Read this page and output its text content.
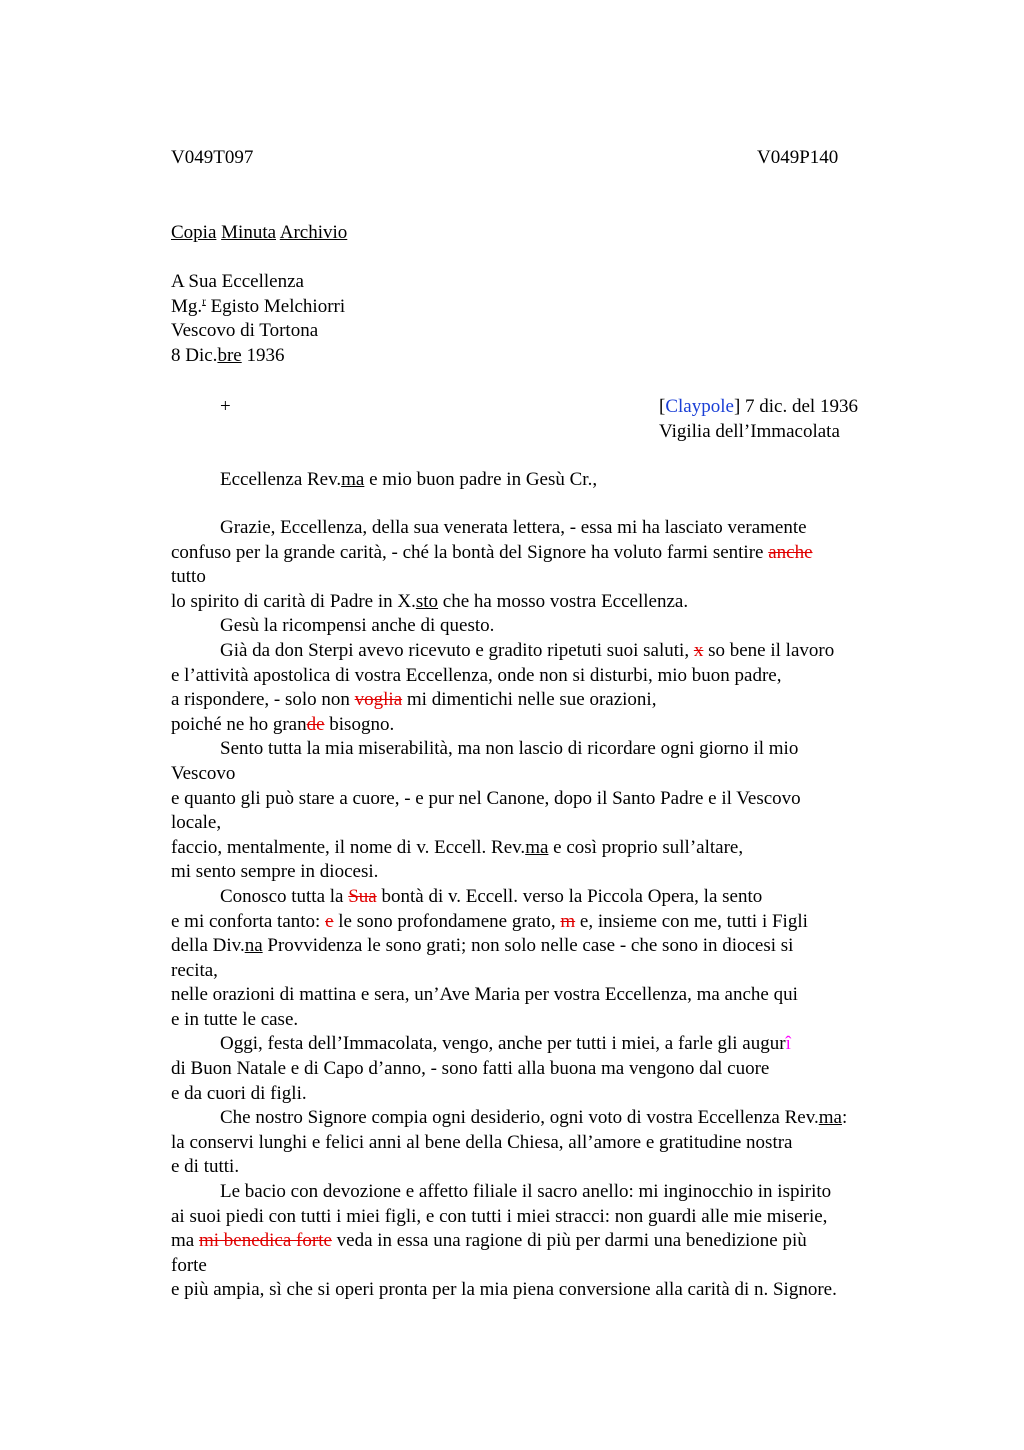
V049T097	V049P140
Copia Minuta Archivio
A Sua Eccellenza
Mg.$^r$ Egisto Melchiorri
Vescovo di Tortona
8 Dic.bre 1936
+	[Claypole] 7 dic. del 1936
Vigilia dell’Immacolata
Eccellenza Rev.ma e mio buon padre in Gesù Cr.,
Grazie, Eccellenza, della sua venerata lettera, - essa mi ha lasciato veramente
confuso per la grande carità, - ché la bontà del Signore ha voluto farmi sentire anche
tutto
lo spirito di carità di Padre in X.sto che ha mosso vostra Eccellenza.
Gesù la ricompensi anche di questo.
Già da don Sterpi avevo ricevuto e gradito ripetuti suoi saluti, x so bene il lavoro
e l’attività apostolica di vostra Eccellenza, onde non si disturbi, mio buon padre,
a rispondere, - solo non voglia mi dimentichi nelle sue orazioni,
poiché ne ho grande bisogno.
Sento tutta la mia miserabilità, ma non lascio di ricordare ogni giorno il mio
Vescovo
e quanto gli può stare a cuore, - e pur nel Canone, dopo il Santo Padre e il Vescovo
locale,
faccio, mentalmente, il nome di v. Eccell. Rev.ma e così proprio sull’altare,
mi sento sempre in diocesi.
Conosco tutta la Sua bontà di v. Eccell. verso la Piccola Opera, la sento
e mi conforta tanto: e le sono profondamene grato, m e, insieme con me, tutti i Figli
della Div.na Provvidenza le sono grati; non solo nelle case - che sono in diocesi si
recita,
nelle orazioni di mattina e sera, un’Ave Maria per vostra Eccellenza, ma anche qui
e in tutte le case.
Oggi, festa dell’Immacolata, vengo, anche per tutti i miei, a farle gli augurî
di Buon Natale e di Capo d’anno, - sono fatti alla buona ma vengono dal cuore
e da cuori di figli.
Che nostro Signore compia ogni desiderio, ogni voto di vostra Eccellenza Rev.ma:
la conservi lunghi e felici anni al bene della Chiesa, all’amore e gratitudine nostra
e di tutti.
Le bacio con devozione e affetto filiale il sacro anello: mi inginocchio in ispirito
ai suoi piedi con tutti i miei figli, e con tutti i miei stracci: non guardi alle mie miserie,
ma mi benedica forte veda in essa una ragione di più per darmi una benedizione più
forte
e più ampia, sì che si operi pronta per la mia piena conversione alla carità di n. Signore.
